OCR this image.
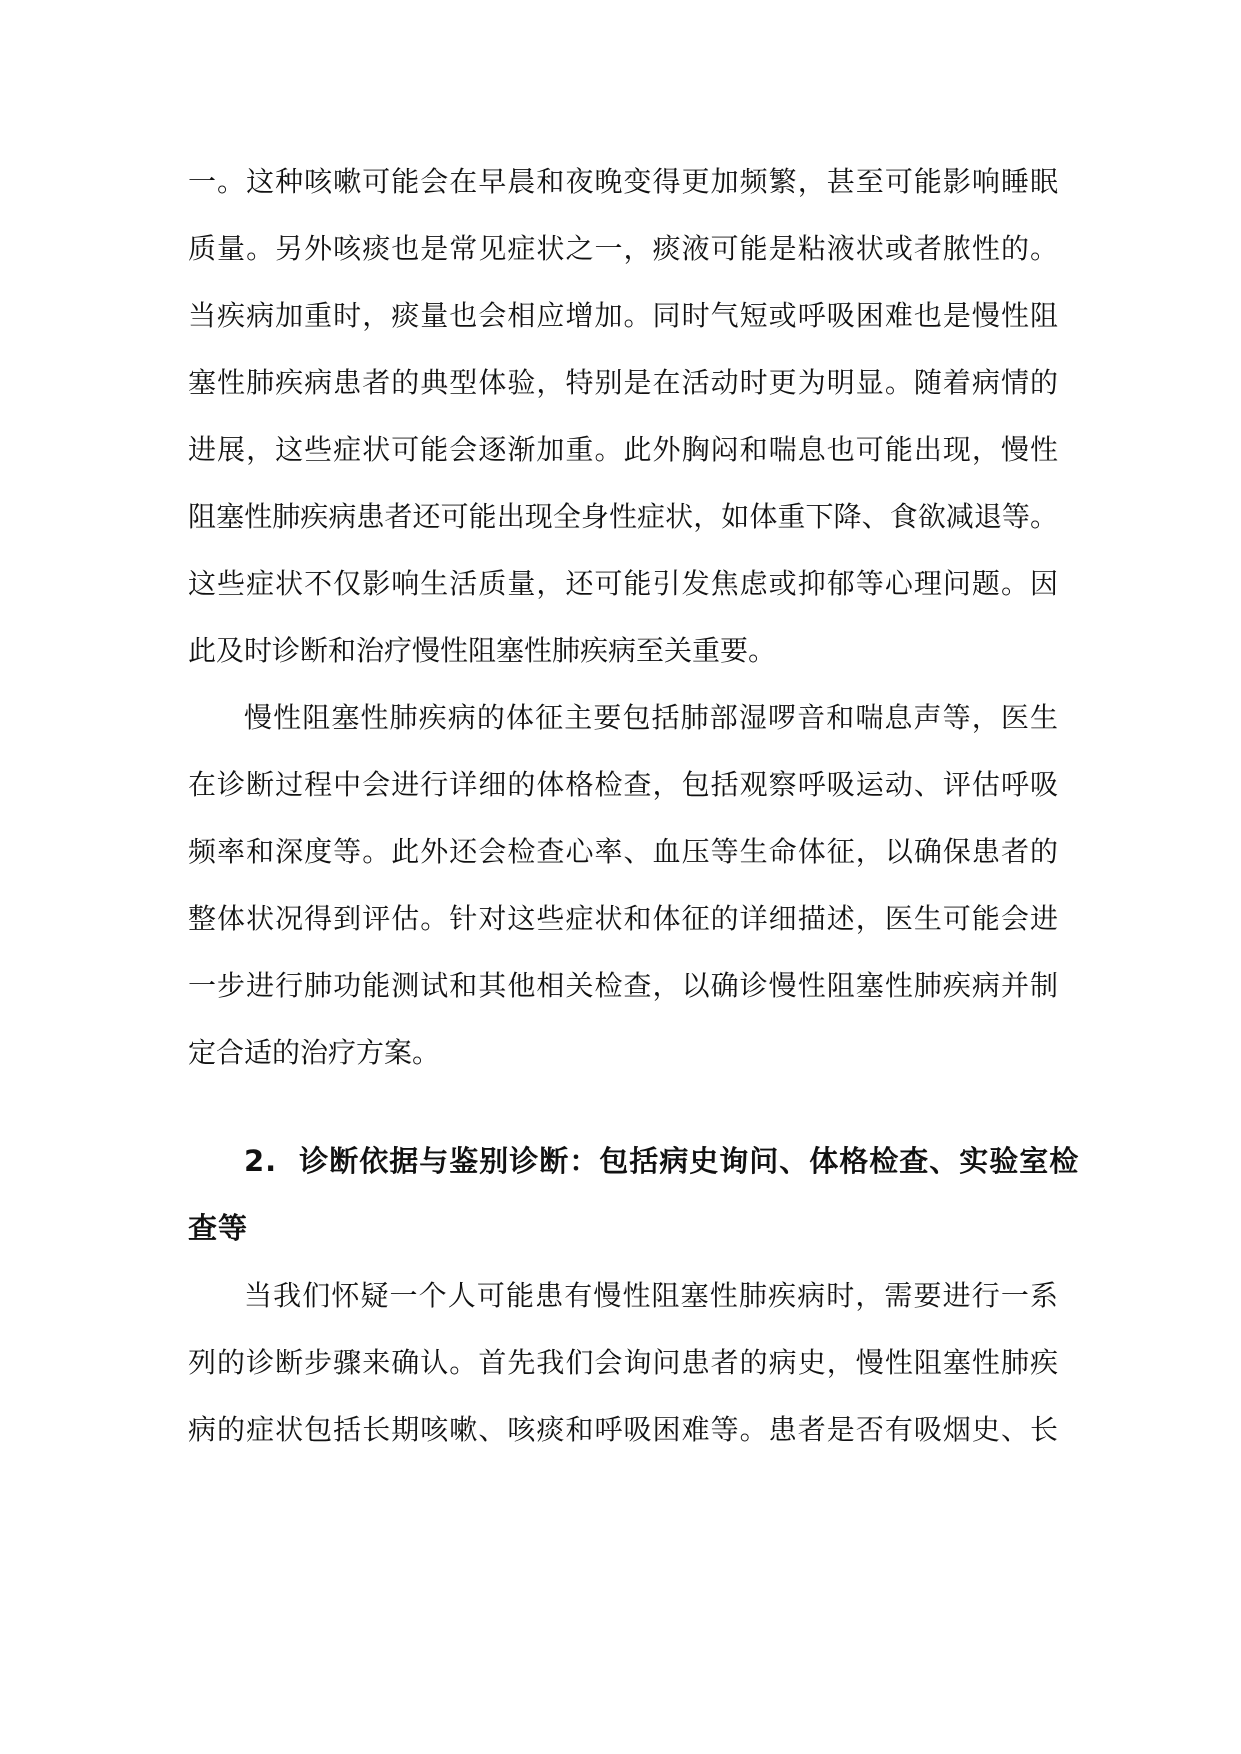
一。这种咳嗽可能会在早晨和夜晚变得更加频繁，甚至可能影响睡眠
质量。另外咳痰也是常见症状之一，痰液可能是粘液状或者脓性的。
当疾病加重时，痰量也会相应增加。同时气短或呼吸困难也是慢性阻
塞性肺疾病患者的典型体验，特别是在活动时更为明显。随着病情的
进展，这些症状可能会逐渐加重。此外胸闷和喘息也可能出现，慢性
阻塞性肺疾病患者还可能出现全身性症状，如体重下降、食欲减退等。
这些症状不仅影响生活质量，还可能引发焦虑或抑郁等心理问题。因
此及时诊断和治疗慢性阻塞性肺疾病至关重要。
慢性阻塞性肺疾病的体征主要包括肺部湿啰音和喘息声等，医生
在诊断过程中会进行详细的体格检查，包括观察呼吸运动、评估呼吸
频率和深度等。此外还会检查心率、血压等生命体征，以确保患者的
整体状况得到评估。针对这些症状和体征的详细描述，医生可能会进
一步进行肺功能测试和其他相关检查，以确诊慢性阻塞性肺疾病并制
定合适的治疗方案。
2. 诊断依据与鉴别诊断：包括病史询问、体格检查、实验室检
查等
当我们怀疑一个人可能患有慢性阻塞性肺疾病时，需要进行一系
列的诊断步骤来确认。首先我们会询问患者的病史，慢性阻塞性肺疾
病的症状包括长期咳嗽、咳痰和呼吸困难等。患者是否有吸烟史、长
